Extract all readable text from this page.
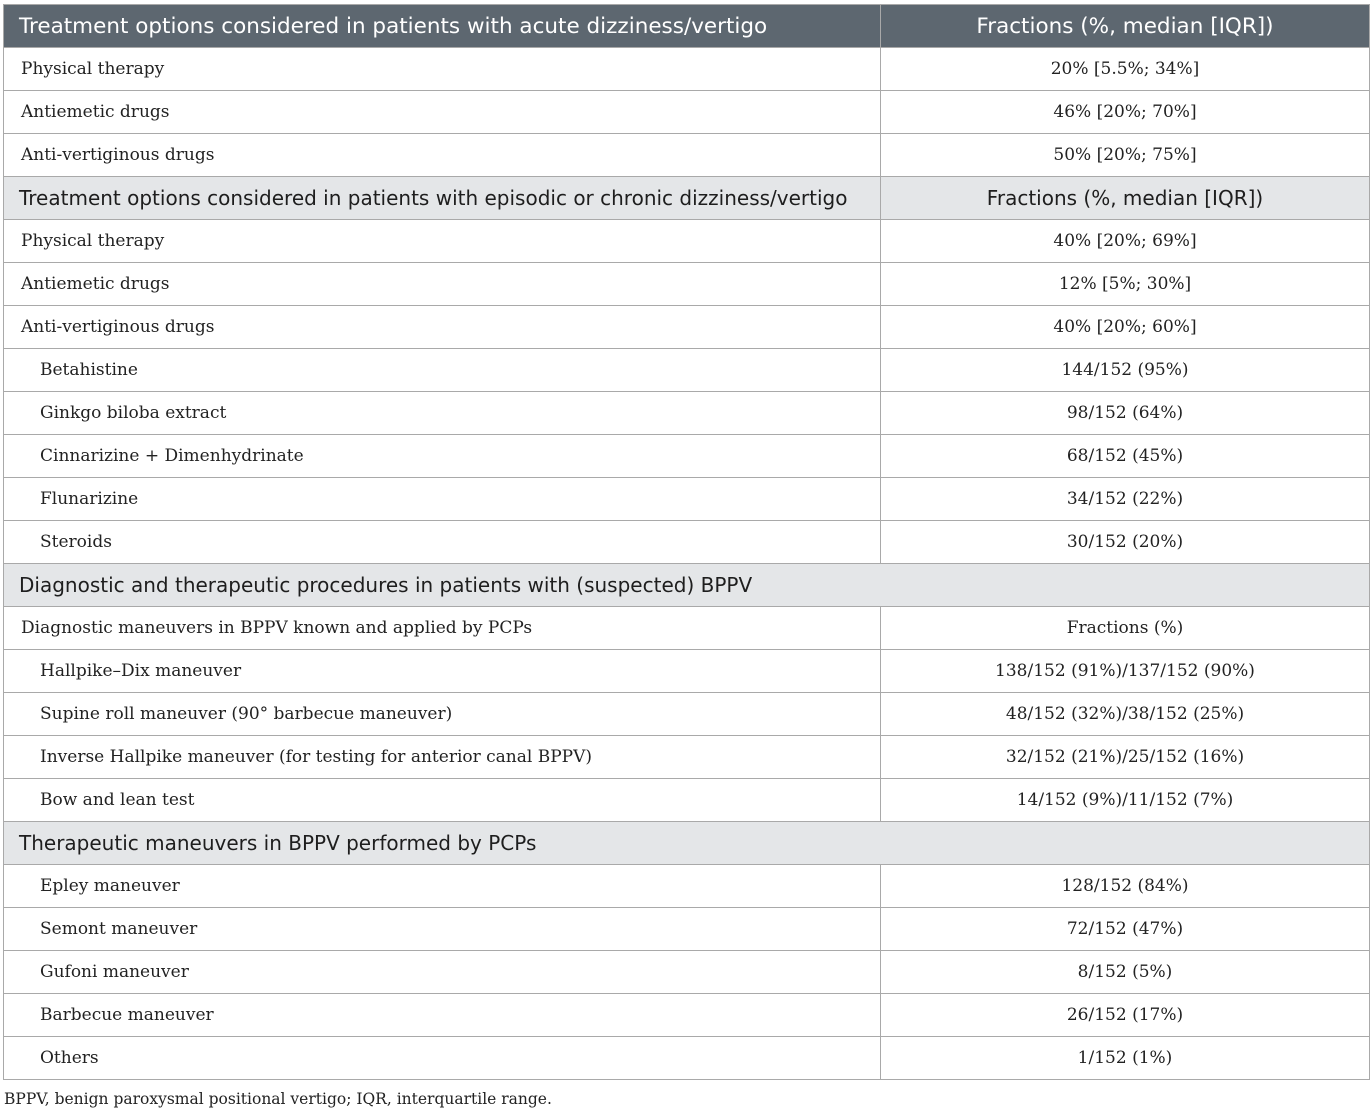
Treatment options considered in patients with acute dizziness/vertigo	Fractions (%, median [IQR])
Physical therapy	20% [5.5%; 34%]
Antiemetic drugs	46% [20%; 70%]
Anti-vertiginous drugs	50% [20%; 75%]
Treatment options considered in patients with episodic or chronic dizziness/vertigo	Fractions (%, median [IQR])
Physical therapy	40% [20%; 69%]
Antiemetic drugs	12% [5%; 30%]
Anti-vertiginous drugs	40% [20%; 60%]
Betahistine	144/152 (95%)
Ginkgo biloba extract	98/152 (64%)
Cinnarizine + Dimenhydrinate	68/152 (45%)
Flunarizine	34/152 (22%)
Steroids	30/152 (20%)
Diagnostic and therapeutic procedures in patients with (suspected) BPPV	
Diagnostic maneuvers in BPPV known and applied by PCPs	Fractions (%)
Hallpike–Dix maneuver	138/152 (91%)/137/152 (90%)
Supine roll maneuver (90° barbecue maneuver)	48/152 (32%)/38/152 (25%)
Inverse Hallpike maneuver (for testing for anterior canal BPPV)	32/152 (21%)/25/152 (16%)
Bow and lean test	14/152 (9%)/11/152 (7%)
Therapeutic maneuvers in BPPV performed by PCPs	
Epley maneuver	128/152 (84%)
Semont maneuver	72/152 (47%)
Gufoni maneuver	8/152 (5%)
Barbecue maneuver	26/152 (17%)
Others	1/152 (1%)
BPPV, benign paroxysmal positional vertigo; IQR, interquartile range.
